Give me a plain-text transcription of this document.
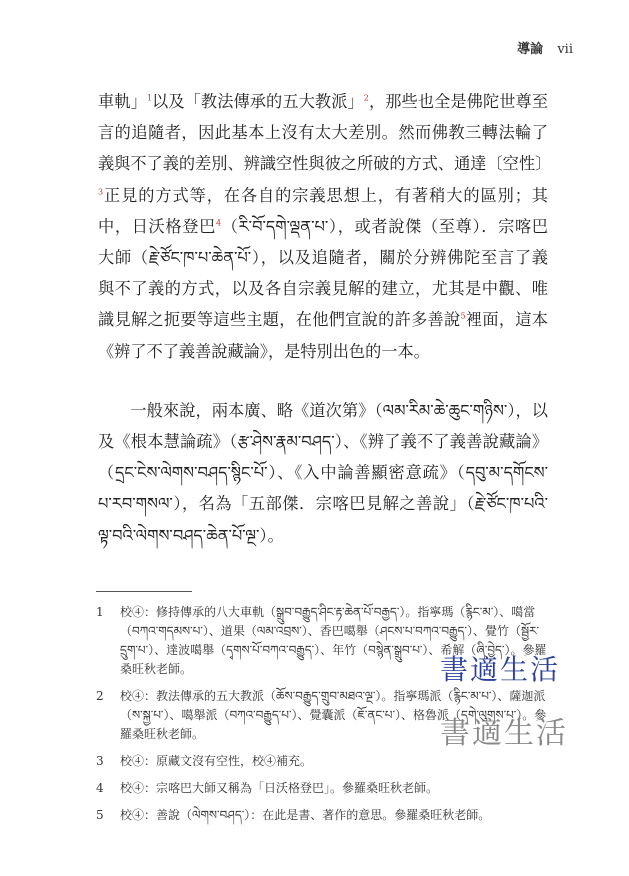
導論 vii

車軌」$^1$以及「教法傳承的五大教派」$^2$，那些也全是佛陀世尊至言的追隨者，因此基本上沒有太大差別。然而佛教三轉法輪了義與不了義的差別、辨識空性與彼之所破的方式、通達〔空性〕$^3$正見的方式等，在各自的宗義思想上，有著稍大的區別；其中，日沃格登巴$^4$（རི་བོ་དགེ་ལྡན་པ་），或者說傑（至尊）．宗喀巴大師（རྗེ་ཙོང་ཁ་པ་ཆེན་པོ་），以及追隨者，關於分辨佛陀至言了義與不了義的方式，以及各自宗義見解的建立，尤其是中觀、唯識見解之扼要等這些主題，在他們宣說的許多善說$^5$裡面，這本《辨了不了義善說藏論》，是特別出色的一本。

一般來說，兩本廣、略《道次第》（ལམ་རིམ་ཆེ་ཆུང་གཉིས་），以及《根本慧論疏》（རྩ་ཤེས་རྣམ་བཤད་）、《辨了義不了義善說藏論》（དྲང་ངེས་ལེགས་བཤད་སྙིང་པོ་）、《入中論善顯密意疏》（དབུ་མ་དགོངས་པ་རབ་གསལ་），名為「五部傑．宗喀巴見解之善說」（རྗེ་ཙོང་ཁ་པའི་ལྟ་བའི་ལེགས་བཤད་ཆེན་པོ་ལྔ་）。

1	校④：修持傳承的八大車軌（སྒྲུབ་བརྒྱུད་ཤིང་རྟ་ཆེན་པོ་བརྒྱད་）。指寧瑪（རྙིང་མ་）、噶當（བཀའ་གདམས་པ་）、道果（ལམ་འབྲས་）、香巴噶舉（ཤངས་པ་བཀའ་བརྒྱུད་）、覺竹（སྦྱོར་དྲུག་པ་）、達波噶舉（དྭགས་པོ་བཀའ་བརྒྱུད་）、年竹（བསྙེན་སྒྲུབ་པ་）、希解（ཞི་བྱེད་）。參羅桑旺秋老師。
2	校④：教法傳承的五大教派（ཆོས་བརྒྱུད་གྲུབ་མཐའ་ལྔ་）。指寧瑪派（རྙིང་མ་པ་）、薩迦派（ས་སྐྱ་པ་）、噶舉派（བཀའ་བརྒྱུད་པ་）、覺囊派（ཇོ་ནང་པ་）、格魯派（དགེ་ལུགས་པ་）。參羅桑旺秋老師。
3	校④：原藏文沒有空性，校④補充。
4	校④：宗喀巴大師又稱為「日沃格登巴」。參羅桑旺秋老師。
5	校④：善說（ལེགས་བཤད་）：在此是書、著作的意思。參羅桑旺秋老師。
書適生活
書適生活
